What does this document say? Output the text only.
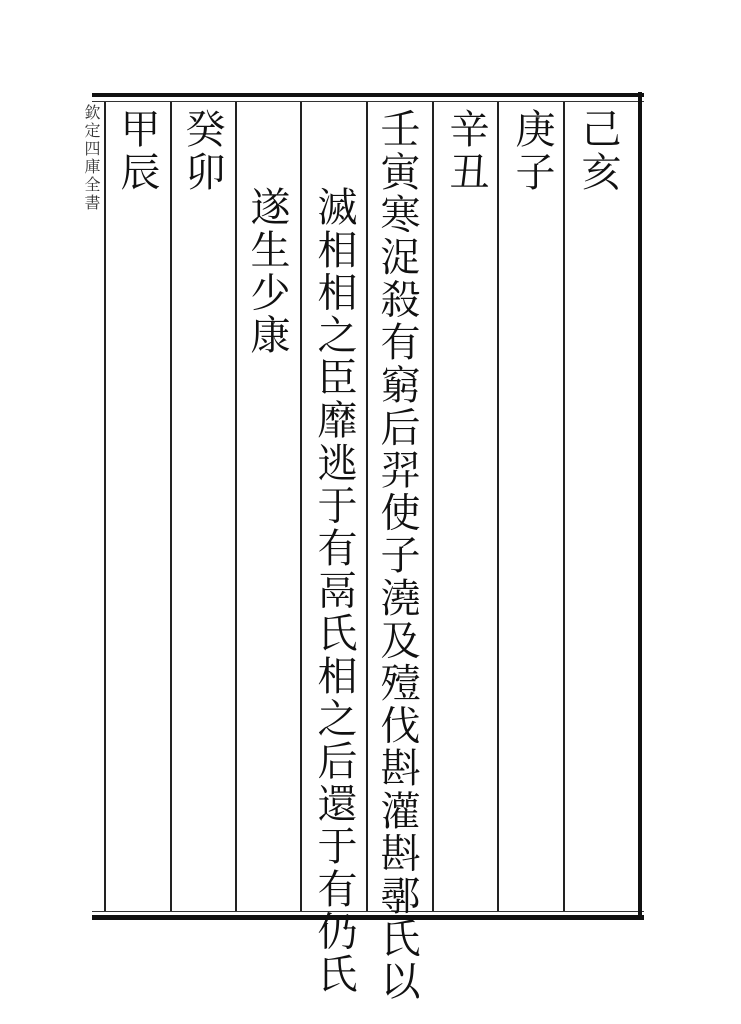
欽定四庫全書	己亥
庚子
辛丑
壬寅寒浞殺有窮后羿使子澆及殪伐斟灌斟鄩氏以
滅相相之臣靡逃于有鬲氏相之后還于有仍氏
遂生少康
癸卯
甲辰
